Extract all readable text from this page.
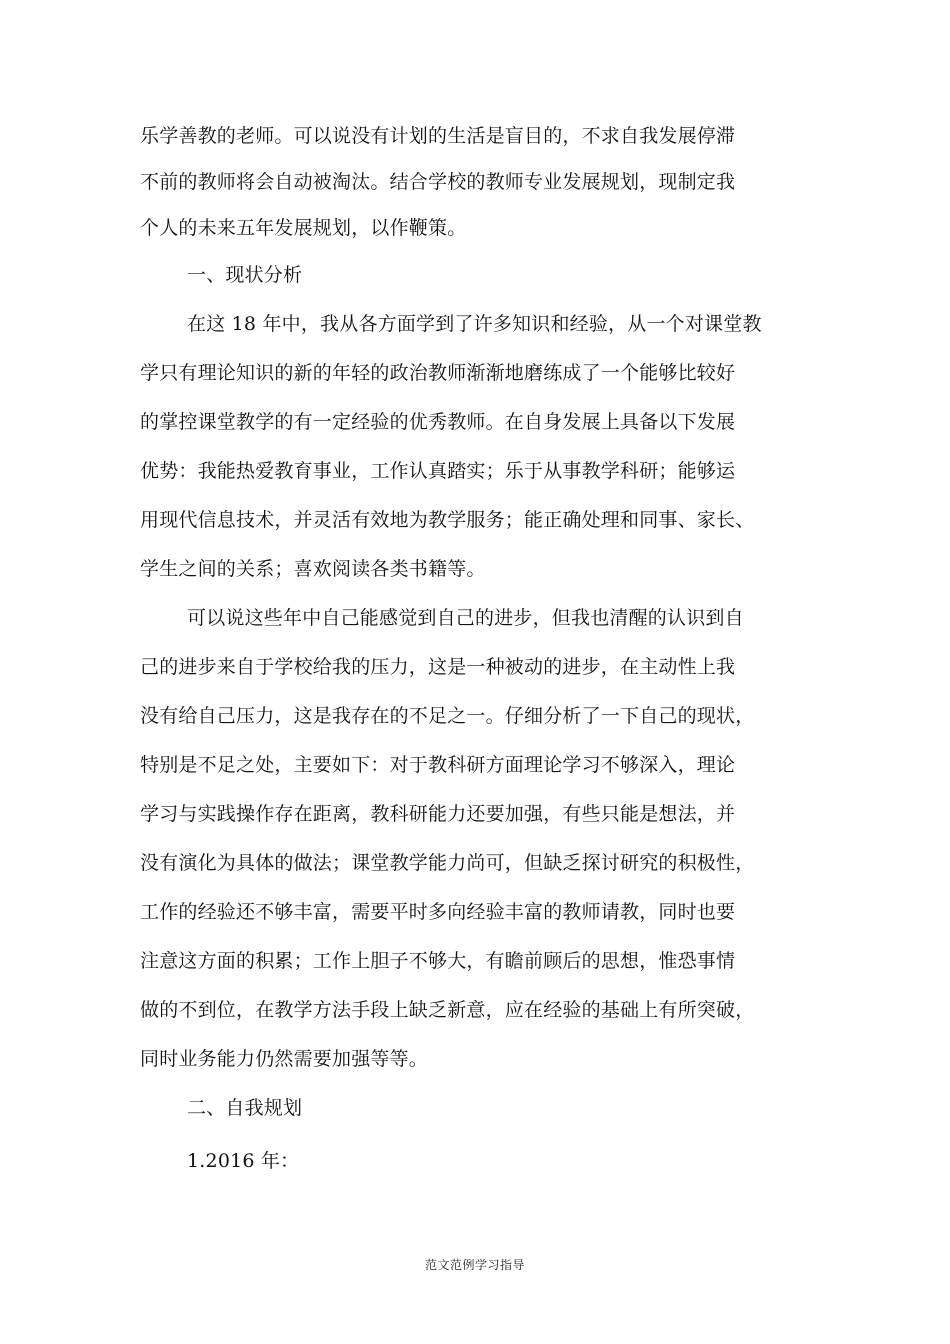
乐学善教的老师。可以说没有计划的生活是盲目的，不求自我发展停滞
不前的教师将会自动被淘汰。结合学校的教师专业发展规划，现制定我
个人的未来五年发展规划，以作鞭策。
一、现状分析
在这 18 年中，我从各方面学到了许多知识和经验，从一个对课堂教
学只有理论知识的新的年轻的政治教师渐渐地磨练成了一个能够比较好
的掌控课堂教学的有一定经验的优秀教师。在自身发展上具备以下发展
优势：我能热爱教育事业，工作认真踏实；乐于从事教学科研；能够运
用现代信息技术，并灵活有效地为教学服务；能正确处理和同事、家长、
学生之间的关系；喜欢阅读各类书籍等。
可以说这些年中自己能感觉到自己的进步，但我也清醒的认识到自
己的进步来自于学校给我的压力，这是一种被动的进步，在主动性上我
没有给自己压力，这是我存在的不足之一。仔细分析了一下自己的现状，
特别是不足之处，主要如下：对于教科研方面理论学习不够深入，理论
学习与实践操作存在距离，教科研能力还要加强，有些只能是想法，并
没有演化为具体的做法；课堂教学能力尚可，但缺乏探讨研究的积极性，
工作的经验还不够丰富，需要平时多向经验丰富的教师请教，同时也要
注意这方面的积累；工作上胆子不够大，有瞻前顾后的思想，惟恐事情
做的不到位，在教学方法手段上缺乏新意，应在经验的基础上有所突破，
同时业务能力仍然需要加强等等。
二、自我规划
1.2016 年：
范文范例学习指导
